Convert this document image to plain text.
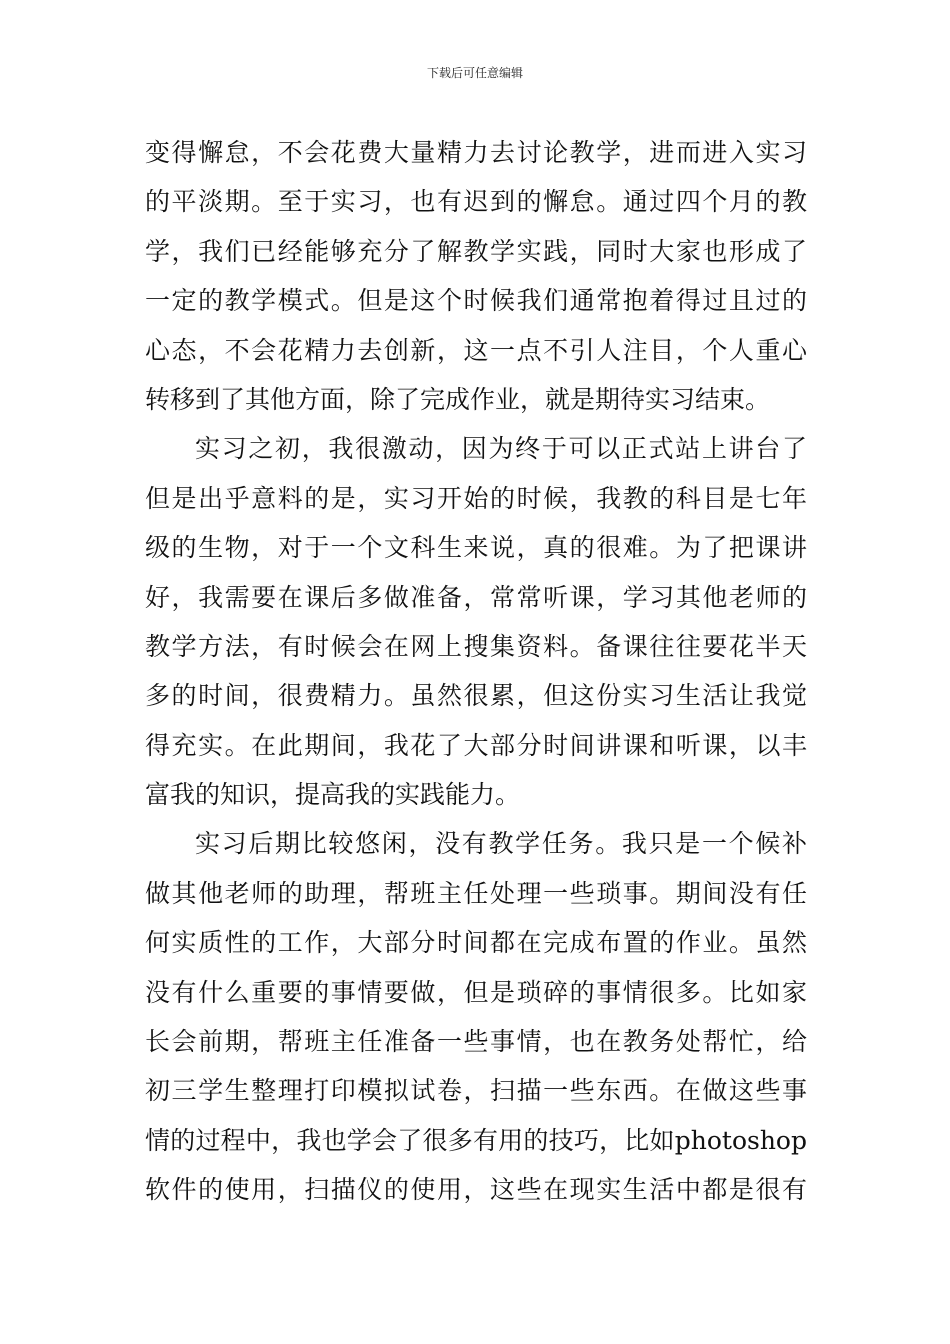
下载后可任意编辑
变得懈怠，不会花费大量精力去讨论教学，进而进入实习
的平淡期。至于实习，也有迟到的懈怠。通过四个月的教
学，我们已经能够充分了解教学实践，同时大家也形成了
一定的教学模式。但是这个时候我们通常抱着得过且过的
心态，不会花精力去创新，这一点不引人注目，个人重心
转移到了其他方面，除了完成作业，就是期待实习结束。
实习之初，我很激动，因为终于可以正式站上讲台了
但是出乎意料的是，实习开始的时候，我教的科目是七年
级的生物，对于一个文科生来说，真的很难。为了把课讲
好，我需要在课后多做准备，常常听课，学习其他老师的
教学方法，有时候会在网上搜集资料。备课往往要花半天
多的时间，很费精力。虽然很累，但这份实习生活让我觉
得充实。在此期间，我花了大部分时间讲课和听课，以丰
富我的知识，提高我的实践能力。
实习后期比较悠闲，没有教学任务。我只是一个候补
做其他老师的助理，帮班主任处理一些琐事。期间没有任
何实质性的工作，大部分时间都在完成布置的作业。虽然
没有什么重要的事情要做，但是琐碎的事情很多。比如家
长会前期，帮班主任准备一些事情，也在教务处帮忙，给
初三学生整理打印模拟试卷，扫描一些东西。在做这些事
情的过程中，我也学会了很多有用的技巧，比如photoshop
软件的使用，扫描仪的使用，这些在现实生活中都是很有
